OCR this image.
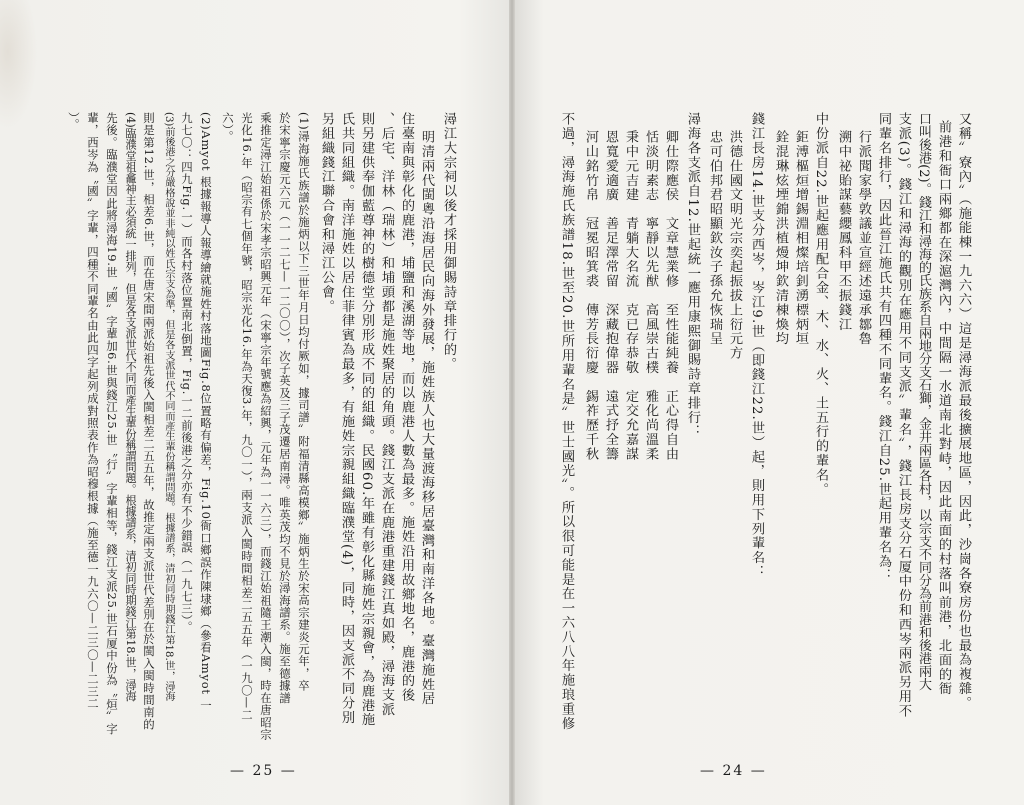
又稱〞寮內〞（施能棟一九六六）這是潯海派最後擴展地區，因此，沙崗各寮房份也最為複雜。
前港和衙口兩鄉都在深滬灣內，中間隔一水道南北對峙，因此南面的村落叫前港，北面的衙
口叫後港(2)。錢江和潯海的氏族系自兩地分支石獅，金井兩區各村，以宗支不同分為前港和後港兩大
支派(3)。錢江和潯海的觀別在應用不同支派〞輩名〞，錢江長房支分石厦中份和西岑兩派另用不
同輩名排行，因此晉江施氏共有四種不同輩名。錢江自25.世起用輩名為：
行派聞家學敦議並宣經述遠承鄒魯
溯中祕貽謀藝纓鳳科甲丕振錢江
中份派自22.世起應用配合金、木、水、火、土五行的輩名。
鉅溥樞烜增錫淵相燦培釗湧標炳垣
銓混琳炫堙錦洪植熳坤欽清棟煥均
錢江長房14.世支分西岑，岑江9.世（即錢江22.世）起，則用下列輩名：
洪德仕國文明光宗奕起振拔上衍元方
忠可伯邦君昭顯欽汝子孫允恢瑞呈
潯海各支派自12.世起統一應用康熙御賜詩章排行：
卿仕際應侯　文章慧業修　至性能純養　正心得自由
恬淡明素志　寧靜以先猷　高風崇古樸　雅化尚溫柔
秉中元吉建　青躺大名流　克已存恭敬　定交允嘉謀
恩寬愛適廣　善足澤常留　深藏抱偉器　遠式抒全籌
河山銘竹帛　冠冕昭箕裘　傳芳長衍慶　錫祚歷千秋
不過，潯海施氏族譜18.世至20.世所用輩名是〞世士國光〞。所以很可能是在一六八八年施琅重修
潯江大宗祠以後才採用御賜詩章排行的。
明清兩代閩粵沿海居民向海外發展，施姓族人也大量渡海移居臺灣和南洋各地。臺灣施姓居
住臺南與彰化的鹿港，埔鹽和溪湖等地，而以鹿港人數為最多。施姓沿用故鄉地名，鹿港的後
、后宅、洋林（瑞林）和埔頭都是施姓聚居的角頭。錢江支派在鹿港重建錢江真如殿，潯海支派
則另建供奉伽藍尊神的樹德堂分別形成不同的組織。民國60.年雖有彰化縣施姓宗親會，為鹿港施
氏共同組織。南洋施姓以居住菲律賓為最多，有施姓宗親組織臨濮堂(4)，同時，因支派不同分別
另組織錢江聯合會和潯江公會。
(1)潯海施氏族譜於施炳以下三世年月日均付厥如，據司譜〞附福清縣高模鄉〞施炳生於宋高宗建炎元年，卒
於宋寧宗慶元六元（一一二七—一二〇〇），次子英及三子茂遷居南潯。唯英茂均不見於潯海譜系。施至德據譜
乘推定潯江始祖係於宋孝宗昭興元年（宋寧宗年號應為紹興，元年為一一六三），而錢江始祖隨王潮入閩，時在唐昭宗
光化16.年（昭宗有七個年號，昭宗光化16.年為天復3.年，九〇一），兩支派入閩時間相差二五五年（一九〇—二
六）。
(2)Amyot 根據報導人報導繪就施姓村落地圖Fig.8位置略有偏差，Fig.10衙口鄉誤作陳埭鄉（參看Amyot 一
九七〇：四九Fig.一）而各村落位置南北倒置，Fig.一二前後港之分亦有不少錯誤（一九七三）。
(3)前後港之分嚴格說並非純以姓氏宗支為準，但是各支派世代不同而產生輩份稱謂問題。根據譜系，清初同時期錢江第18.世，潯海
則是第12.世，相差6.世，而在唐宋間兩派始祖先後入閩相差二五五年，故推定兩支派世代差別在於閩入閩時間南的
(4)臨濮堂祖龕神主必須統一排列，但是各支派世代不同而產生輩份稱謂問題。根據譜系，清初同時期錢江第18.世，潯海
先後。臨濮堂因此將潯海19.世〝國〞字輩加6.世與錢江25.世〝行〞字輩相等，錢江支派25.世石厦中份為〝烜〞字
輩，西岑為〝國〞字輩，四種不同輩名由此四字起列成對照表作為昭穆根據（施至德一九六〇—二三〇—二三二
）。
— 24 —
— 25 —
